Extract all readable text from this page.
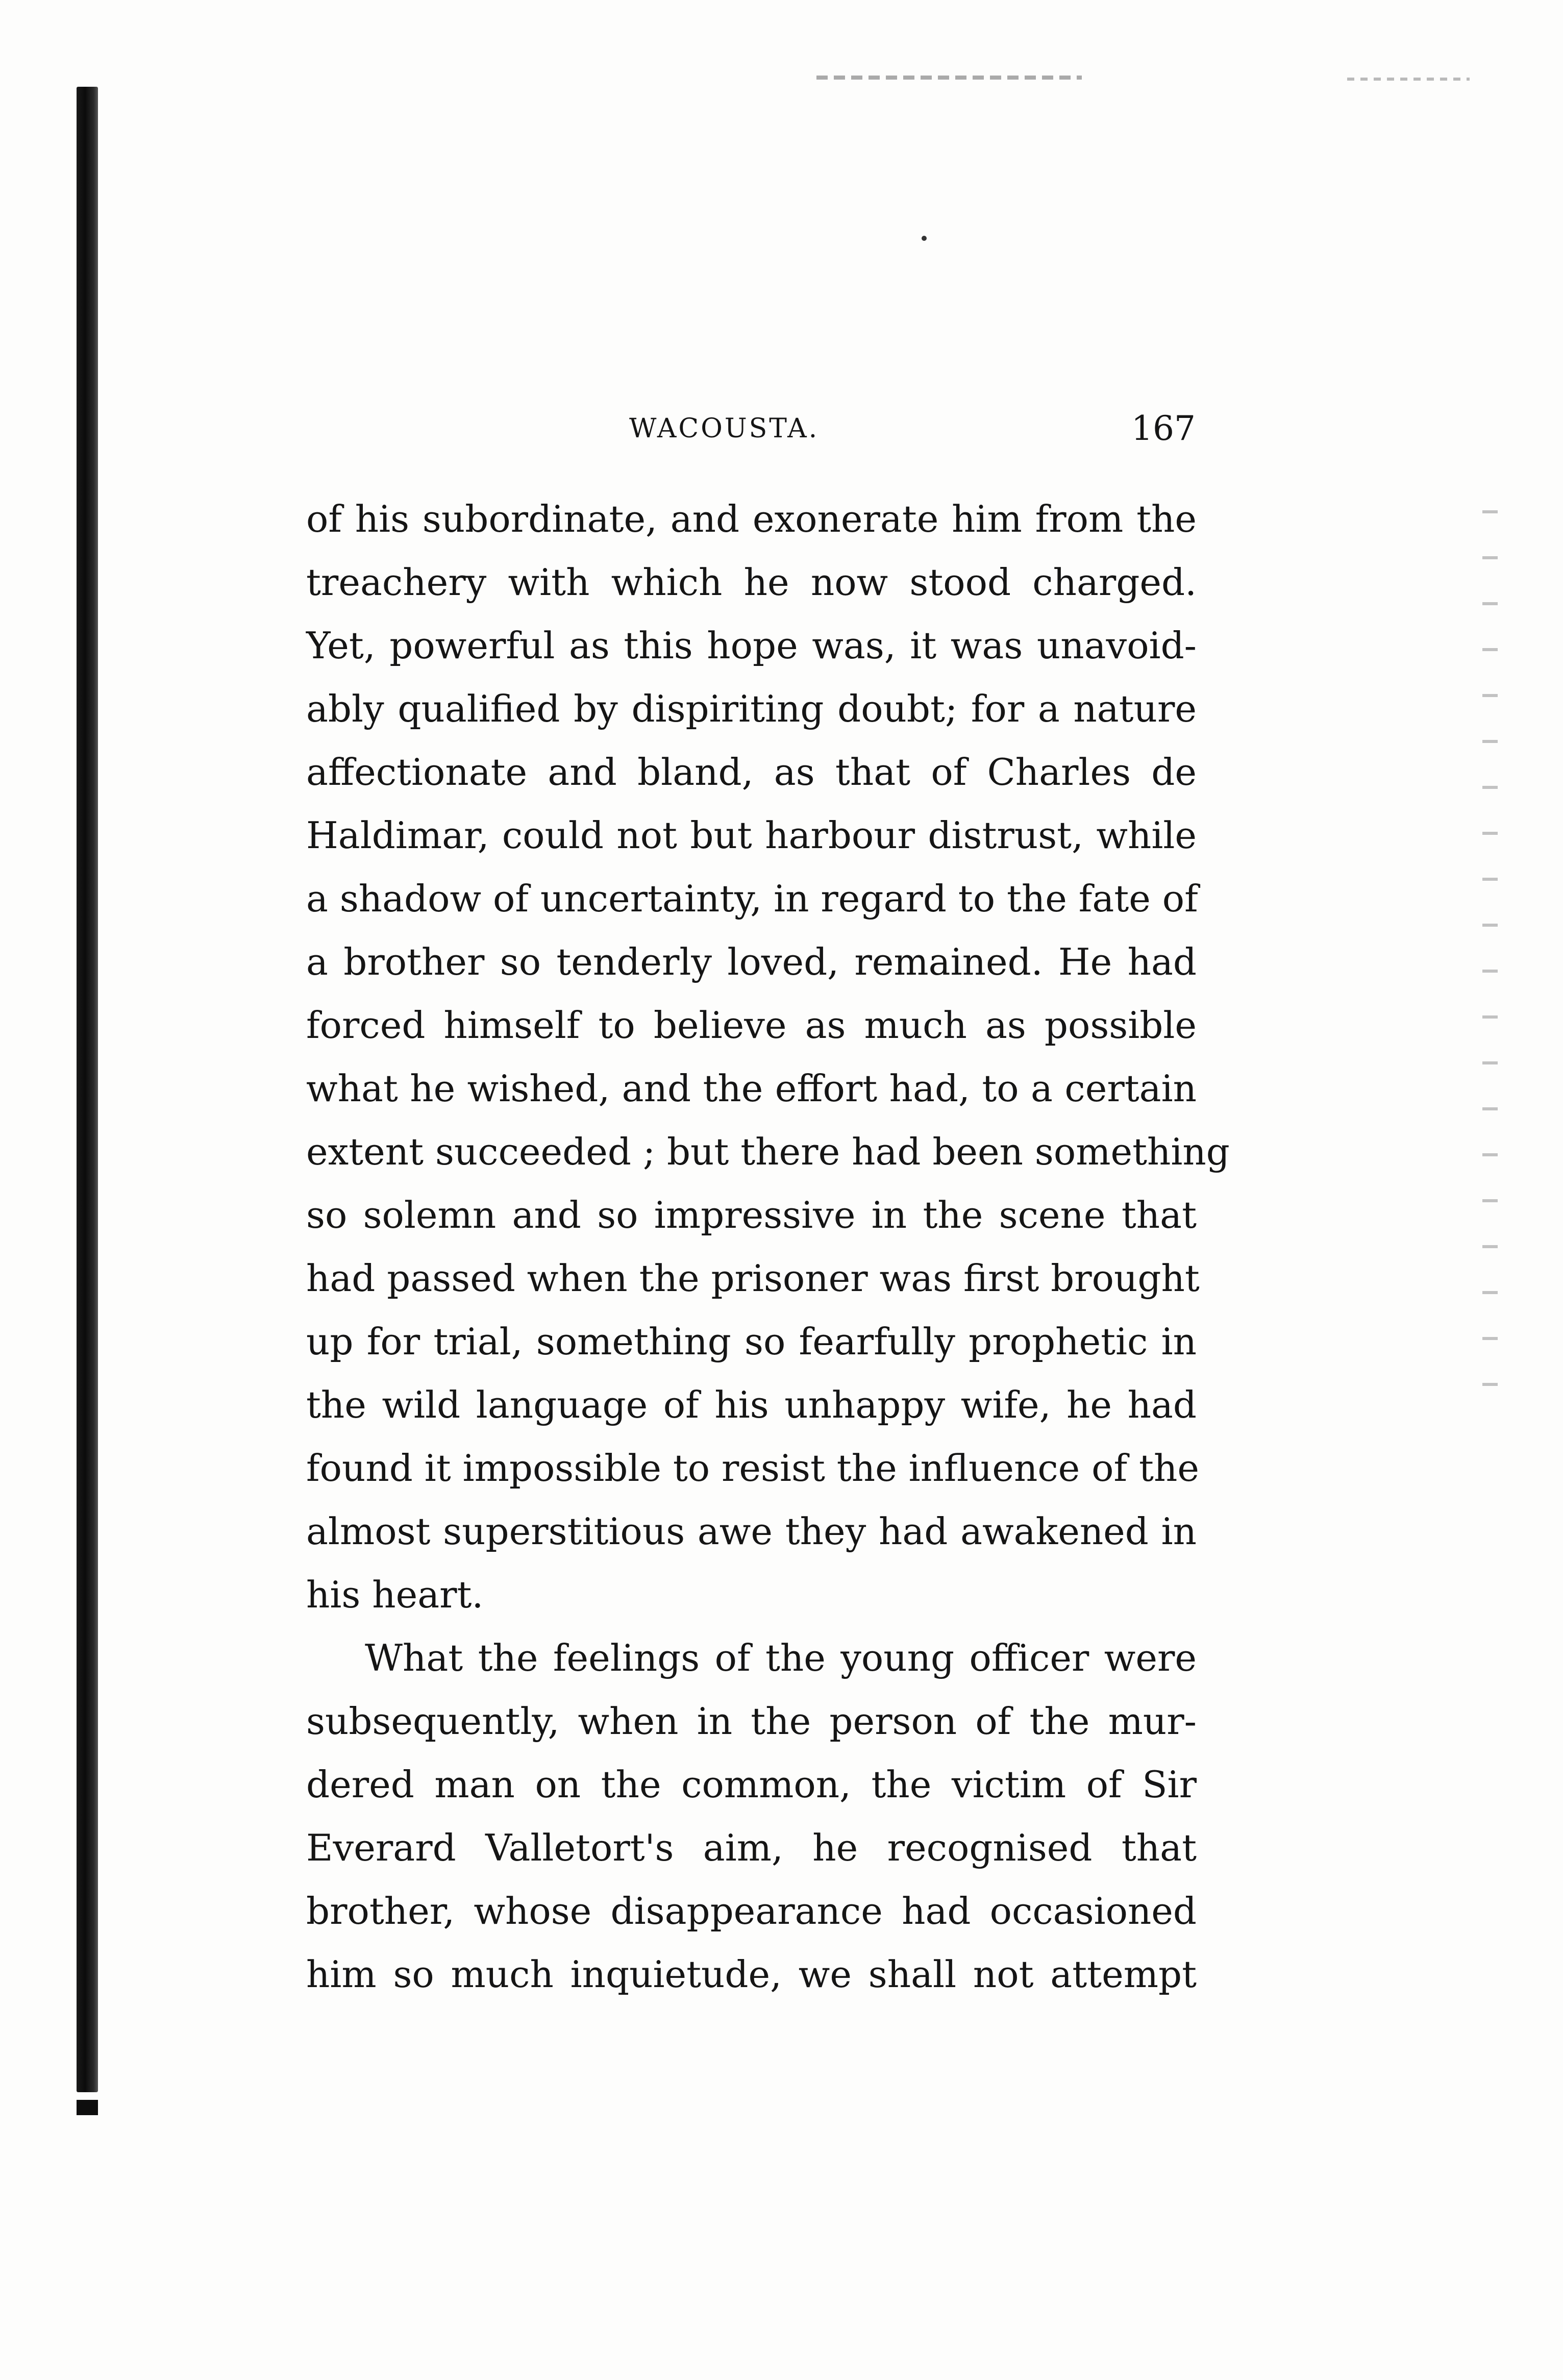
WACOUSTA.	167
of his subordinate, and exonerate him from the
treachery with which he now stood charged.
Yet, powerful as this hope was, it was unavoid-
ably qualified by dispiriting doubt; for a nature
affectionate and bland, as that of Charles de
Haldimar, could not but harbour distrust, while
a shadow of uncertainty, in regard to the fate of
a brother so tenderly loved, remained. He had
forced himself to believe as much as possible
what he wished, and the effort had, to a certain
extent succeeded ; but there had been something
so solemn and so impressive in the scene that
had passed when the prisoner was first brought
up for trial, something so fearfully prophetic in
the wild language of his unhappy wife, he had
found it impossible to resist the influence of the
almost superstitious awe they had awakened in
his heart.
What the feelings of the young officer were
subsequently, when in the person of the mur-
dered man on the common, the victim of Sir
Everard Valletort's aim, he recognised that
brother, whose disappearance had occasioned
him so much inquietude, we shall not attempt
